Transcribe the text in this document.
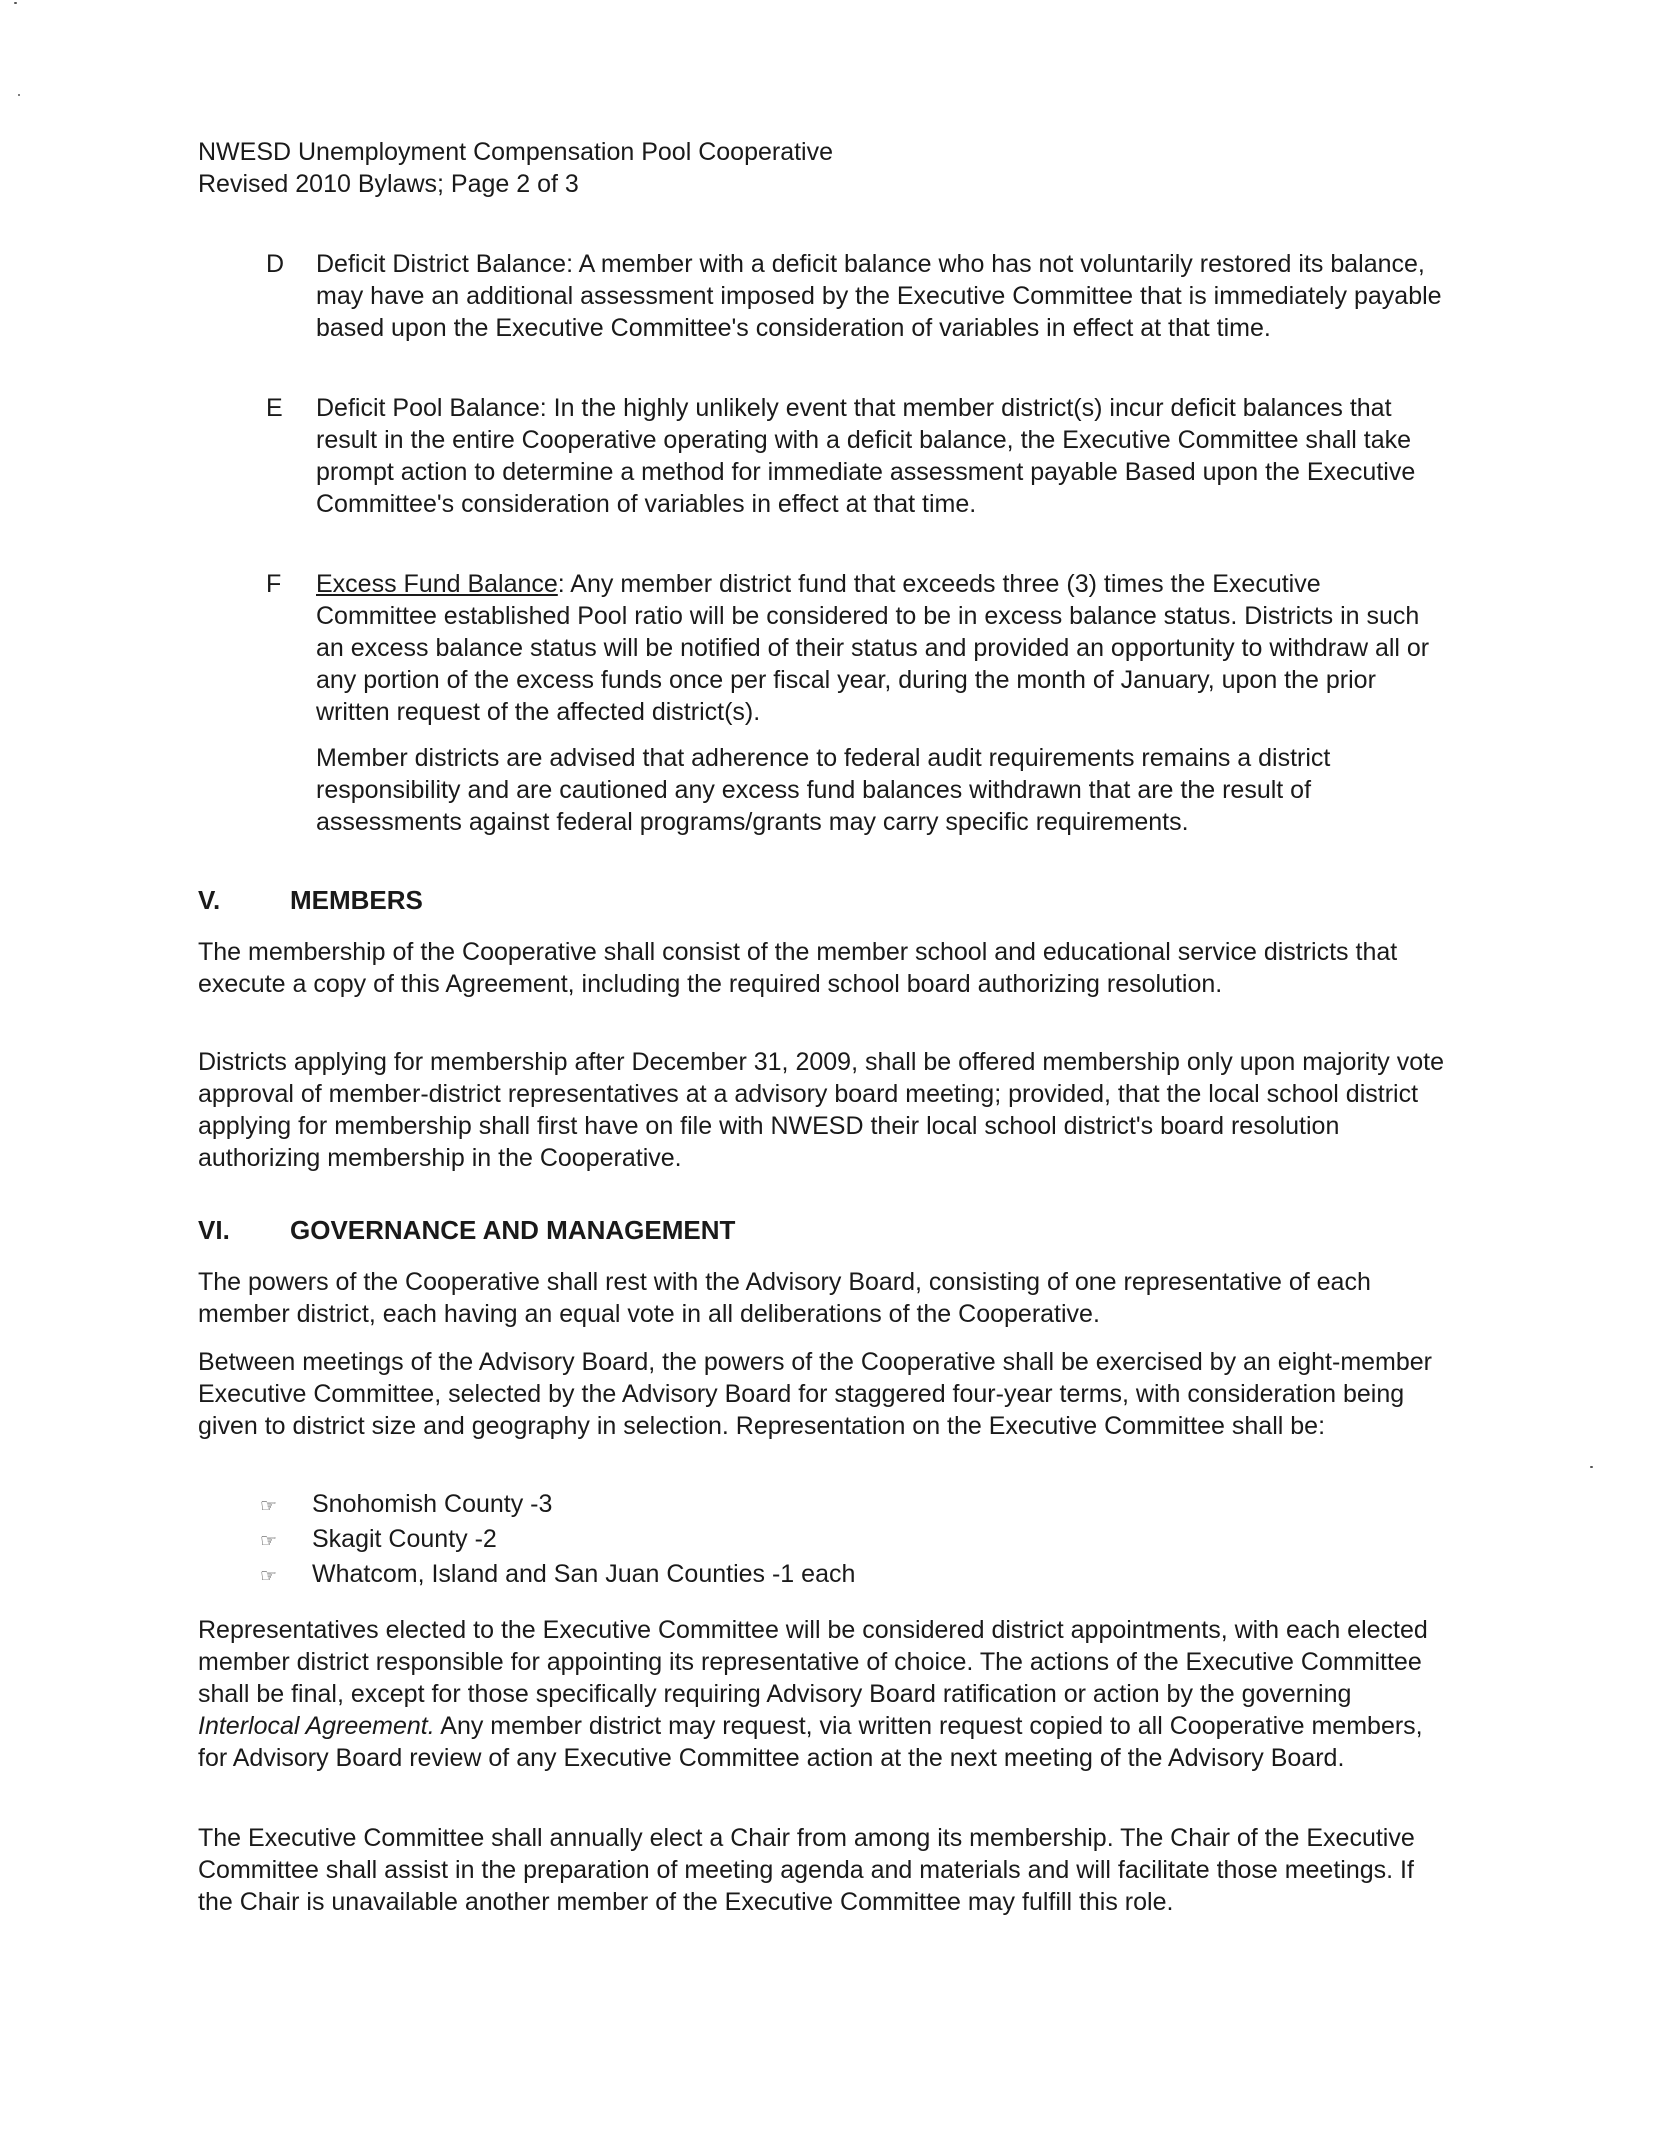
NWESD Unemployment Compensation Pool Cooperative
Revised 2010 Bylaws; Page 2 of 3
D Deficit District Balance: A member with a deficit balance who has not voluntarily restored its balance, may have an additional assessment imposed by the Executive Committee that is immediately payable based upon the Executive Committee's consideration of variables in effect at that time.
E Deficit Pool Balance: In the highly unlikely event that member district(s) incur deficit balances that result in the entire Cooperative operating with a deficit balance, the Executive Committee shall take prompt action to determine a method for immediate assessment payable Based upon the Executive Committee's consideration of variables in effect at that time.
F Excess Fund Balance: Any member district fund that exceeds three (3) times the Executive Committee established Pool ratio will be considered to be in excess balance status. Districts in such an excess balance status will be notified of their status and provided an opportunity to withdraw all or any portion of the excess funds once per fiscal year, during the month of January, upon the prior written request of the affected district(s).
Member districts are advised that adherence to federal audit requirements remains a district responsibility and are cautioned any excess fund balances withdrawn that are the result of assessments against federal programs/grants may carry specific requirements.
V.	MEMBERS
The membership of the Cooperative shall consist of the member school and educational service districts that execute a copy of this Agreement, including the required school board authorizing resolution.
Districts applying for membership after December 31, 2009, shall be offered membership only upon majority vote approval of member-district representatives at a advisory board meeting; provided, that the local school district applying for membership shall first have on file with NWESD their local school district's board resolution authorizing membership in the Cooperative.
VI. GOVERNANCE AND MANAGEMENT
The powers of the Cooperative shall rest with the Advisory Board, consisting of one representative of each member district, each having an equal vote in all deliberations of the Cooperative.
Between meetings of the Advisory Board, the powers of the Cooperative shall be exercised by an eight-member Executive Committee, selected by the Advisory Board for staggered four-year terms, with consideration being given to district size and geography in selection. Representation on the Executive Committee shall be:
☞ Snohomish County -3
☞ Skagit County -2
☞ Whatcom, Island and San Juan Counties -1 each
Representatives elected to the Executive Committee will be considered district appointments, with each elected member district responsible for appointing its representative of choice. The actions of the Executive Committee shall be final, except for those specifically requiring Advisory Board ratification or action by the governing Interlocal Agreement. Any member district may request, via written request copied to all Cooperative members, for Advisory Board review of any Executive Committee action at the next meeting of the Advisory Board.
The Executive Committee shall annually elect a Chair from among its membership. The Chair of the Executive Committee shall assist in the preparation of meeting agenda and materials and will facilitate those meetings. If the Chair is unavailable another member of the Executive Committee may fulfill this role.
